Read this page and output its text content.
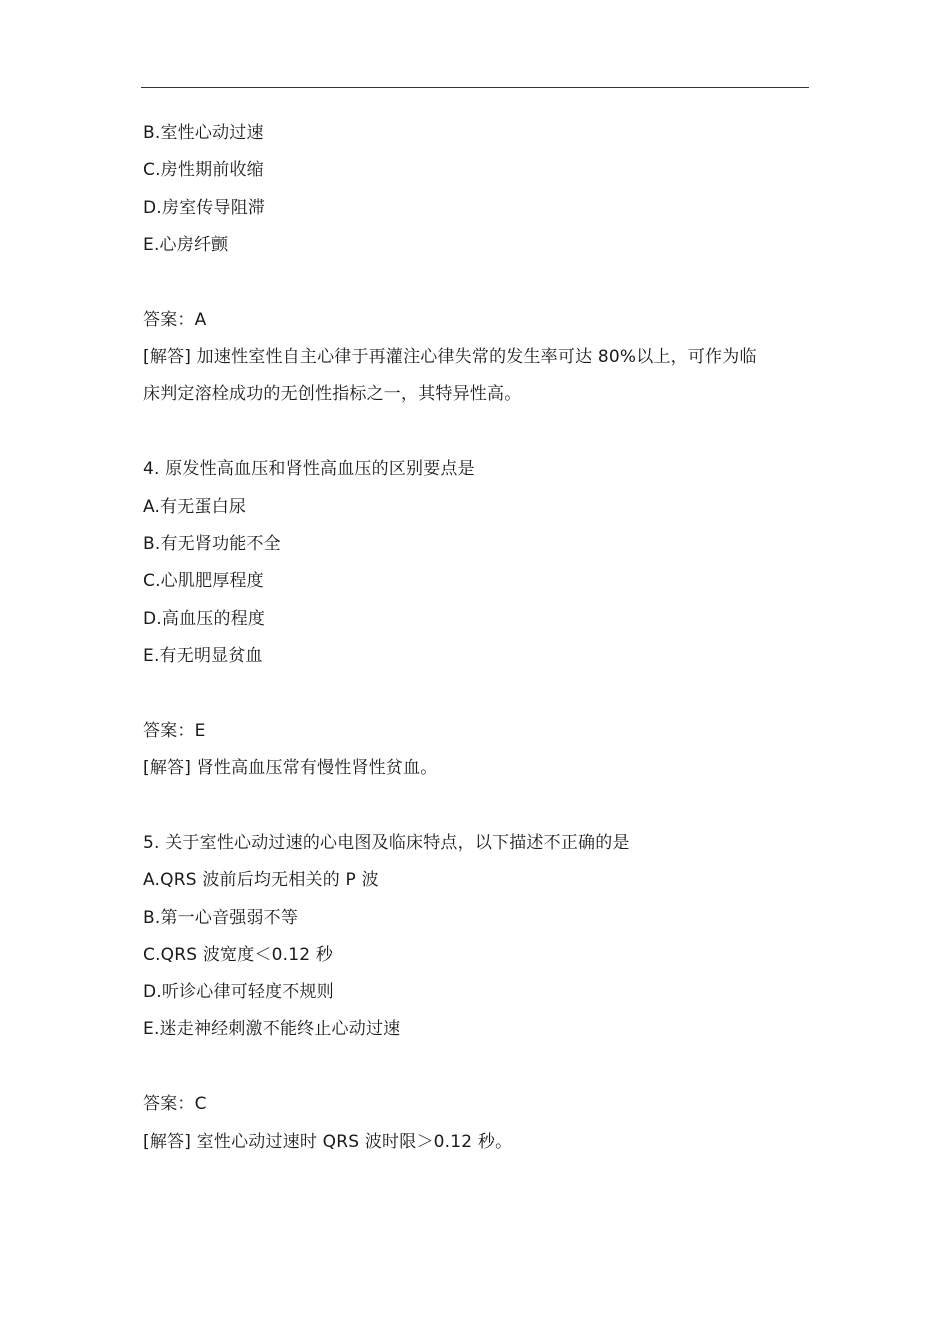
B.室性心动过速
C.房性期前收缩
D.房室传导阻滞
E.心房纤颤
答案：A
[解答] 加速性室性自主心律于再灌注心律失常的发生率可达 80%以上，可作为临
床判定溶栓成功的无创性指标之一，其特异性高。
4. 原发性高血压和肾性高血压的区别要点是
A.有无蛋白尿
B.有无肾功能不全
C.心肌肥厚程度
D.高血压的程度
E.有无明显贫血
答案：E
[解答] 肾性高血压常有慢性肾性贫血。
5. 关于室性心动过速的心电图及临床特点，以下描述不正确的是
A.QRS 波前后均无相关的 P 波
B.第一心音强弱不等
C.QRS 波宽度＜0.12 秒
D.听诊心律可轻度不规则
E.迷走神经刺激不能终止心动过速
答案：C
[解答] 室性心动过速时 QRS 波时限＞0.12 秒。
